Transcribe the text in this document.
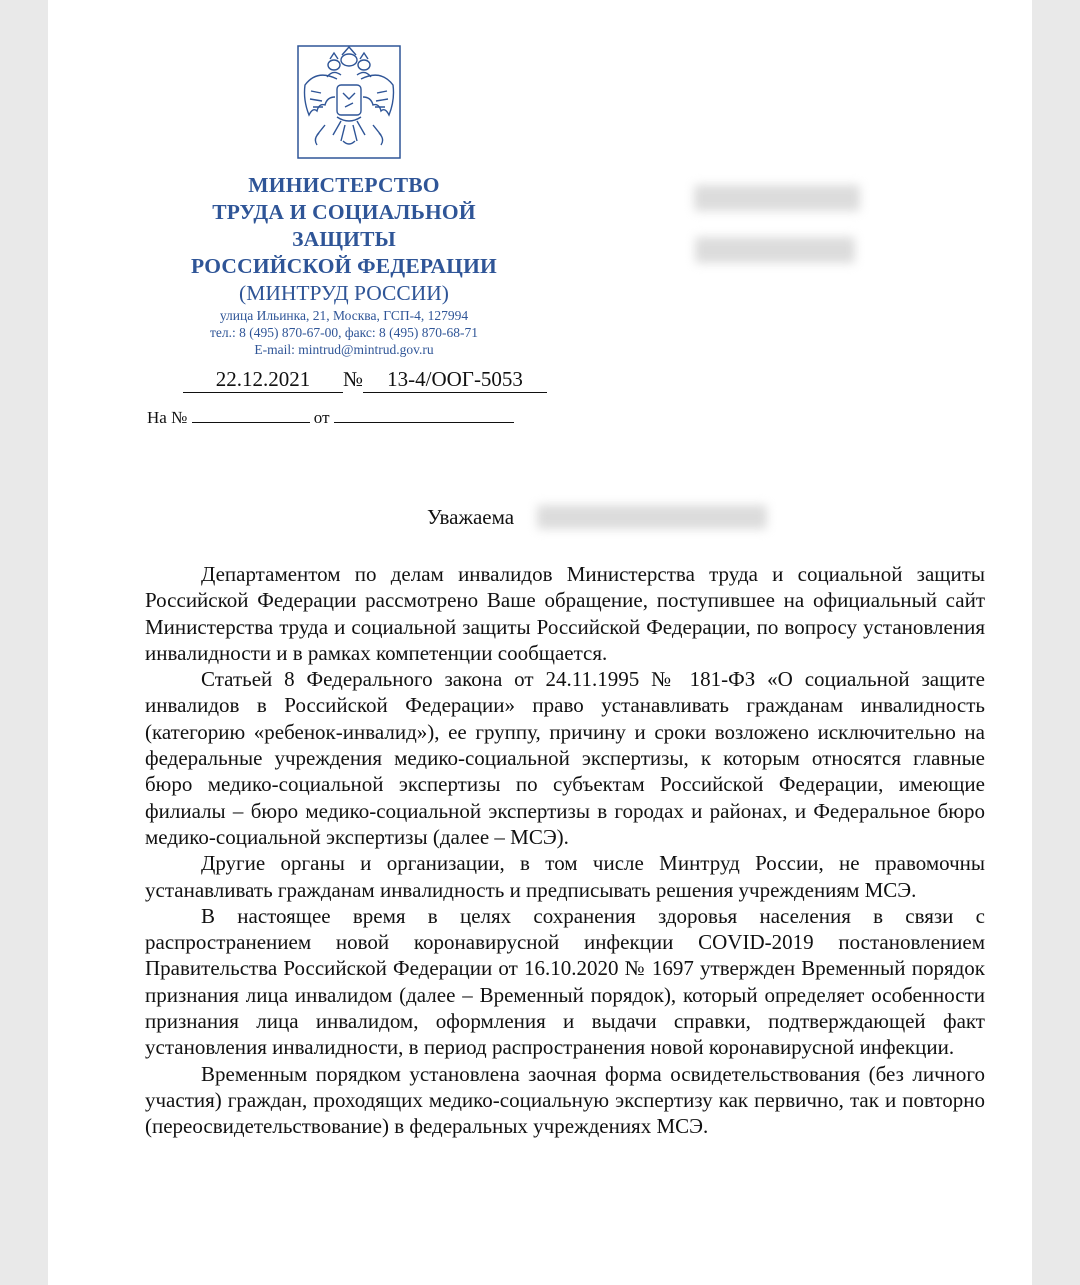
МИНИСТЕРСТВО
ТРУДА И СОЦИАЛЬНОЙ
ЗАЩИТЫ
РОССИЙСКОЙ ФЕДЕРАЦИИ
(МИНТРУД РОССИИ)
улица Ильинка, 21, Москва, ГСП-4, 127994
тел.: 8 (495) 870-67-00, факс: 8 (495) 870-68-71
E-mail: mintrud@mintrud.gov.ru
22.12.2021 № 13-4/ООГ-5053
На №	от
Уважаема

Департаментом по делам инвалидов Министерства труда и социальной защиты Российской Федерации рассмотрено Ваше обращение, поступившее на официальный сайт Министерства труда и социальной защиты Российской Федерации, по вопросу установления инвалидности и в рамках компетенции сообщается.

Статьей 8 Федерального закона от 24.11.1995 № 181-ФЗ «О социальной защите инвалидов в Российской Федерации» право устанавливать гражданам инвалидность (категорию «ребенок-инвалид»), ее группу, причину и сроки возложено исключительно на федеральные учреждения медико-социальной экспертизы, к которым относятся главные бюро медико-социальной экспертизы по субъектам Российской Федерации, имеющие филиалы – бюро медико-социальной экспертизы в городах и районах, и Федеральное бюро медико-социальной экспертизы (далее – МСЭ).

Другие органы и организации, в том числе Минтруд России, не правомочны устанавливать гражданам инвалидность и предписывать решения учреждениям МСЭ.

В настоящее время в целях сохранения здоровья населения в связи с распространением новой коронавирусной инфекции COVID-2019 постановлением Правительства Российской Федерации от 16.10.2020 № 1697 утвержден Временный порядок признания лица инвалидом (далее – Временный порядок), который определяет особенности признания лица инвалидом, оформления и выдачи справки, подтверждающей факт установления инвалидности, в период распространения новой коронавирусной инфекции.

Временным порядком установлена заочная форма освидетельствования (без личного участия) граждан, проходящих медико-социальную экспертизу как первично, так и повторно (переосвидетельствование) в федеральных учреждениях МСЭ.
